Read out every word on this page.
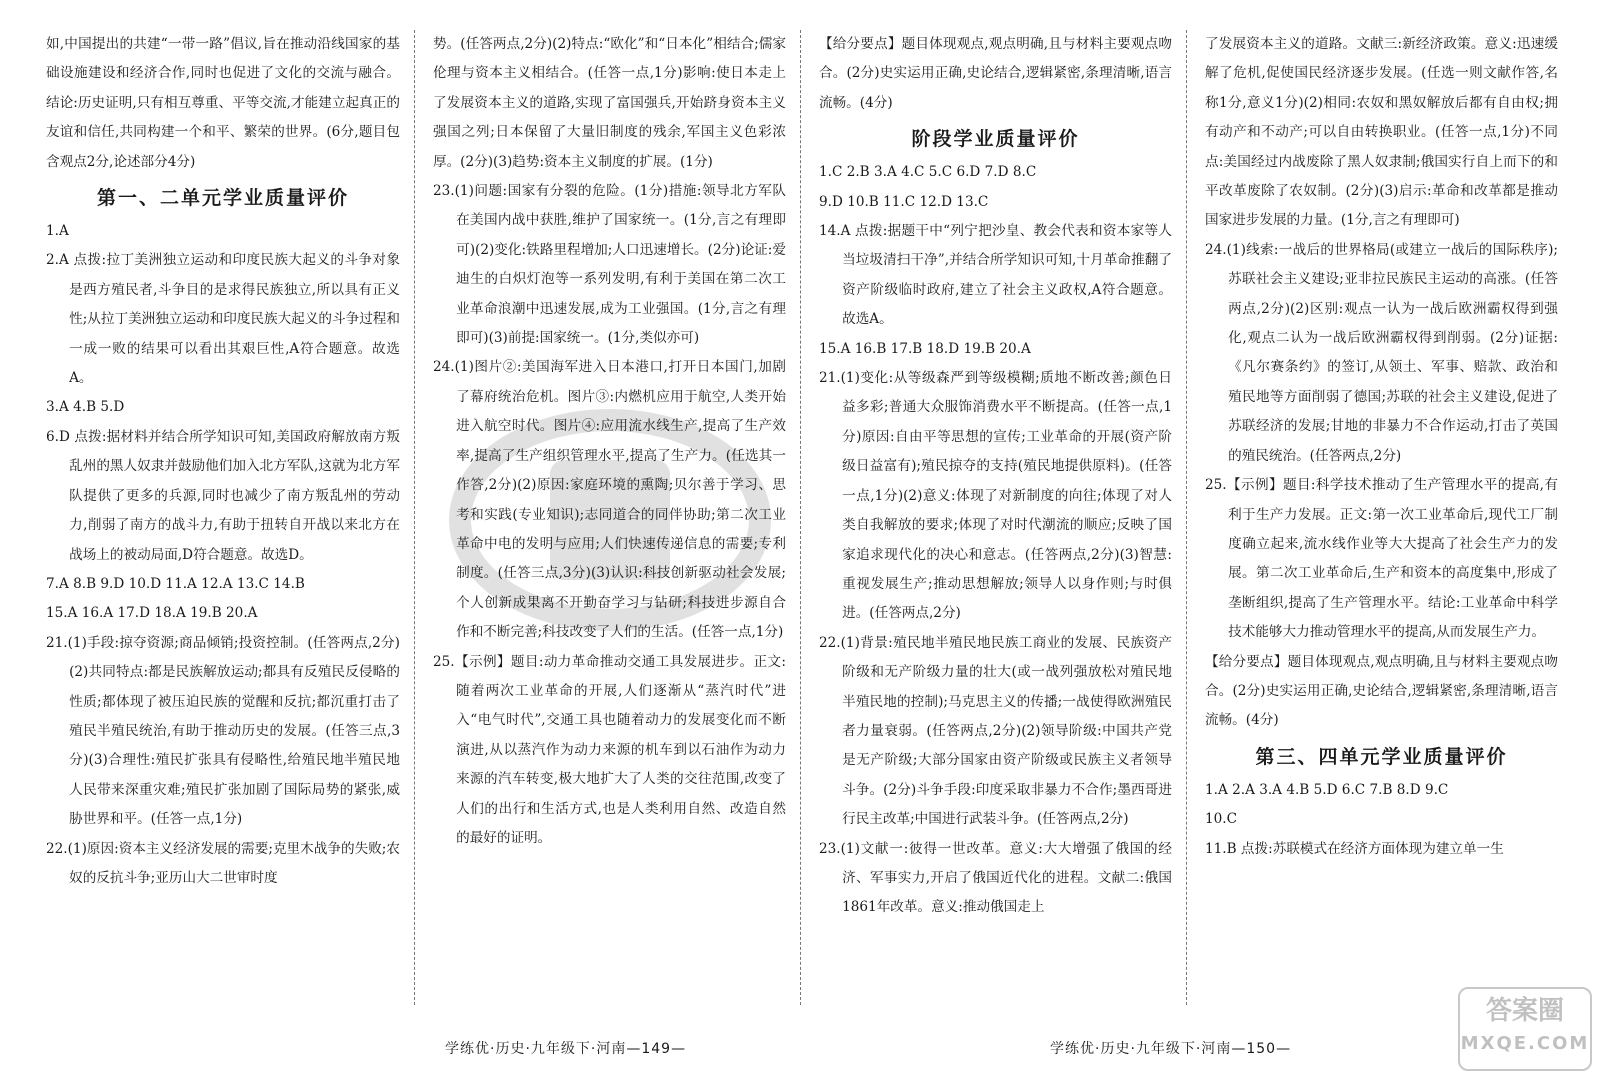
如,中国提出的共建“一带一路”倡议,旨在推动沿线国家的基础设施建设和经济合作,同时也促进了文化的交流与融合。结论:历史证明,只有相互尊重、平等交流,才能建立起真正的友谊和信任,共同构建一个和平、繁荣的世界。(6分,题目包含观点2分,论述部分4分)

第一、二单元学业质量评价

1.A

2.A 点拨:拉丁美洲独立运动和印度民族大起义的斗争对象是西方殖民者,斗争目的是求得民族独立,所以具有正义性;从拉丁美洲独立运动和印度民族大起义的斗争过程和一成一败的结果可以看出其艰巨性,A符合题意。故选A。

3.A 4.B 5.D

6.D 点拨:据材料并结合所学知识可知,美国政府解放南方叛乱州的黑人奴隶并鼓励他们加入北方军队,这就为北方军队提供了更多的兵源,同时也减少了南方叛乱州的劳动力,削弱了南方的战斗力,有助于扭转自开战以来北方在战场上的被动局面,D符合题意。故选D。

7.A 8.B 9.D 10.D 11.A 12.A 13.C 14.B

15.A 16.A 17.D 18.A 19.B 20.A

21.(1)手段:掠夺资源;商品倾销;投资控制。(任答两点,2分)(2)共同特点:都是民族解放运动;都具有反殖民反侵略的性质;都体现了被压迫民族的觉醒和反抗;都沉重打击了殖民半殖民统治,有助于推动历史的发展。(任答三点,3分)(3)合理性:殖民扩张具有侵略性,给殖民地半殖民地人民带来深重灾难;殖民扩张加剧了国际局势的紧张,威胁世界和平。(任答一点,1分)

22.(1)原因:资本主义经济发展的需要;克里木战争的失败;农奴的反抗斗争;亚历山大二世审时度

势。(任答两点,2分)(2)特点:“欧化”和“日本化”相结合;儒家伦理与资本主义相结合。(任答一点,1分)影响:使日本走上了发展资本主义的道路,实现了富国强兵,开始跻身资本主义强国之列;日本保留了大量旧制度的残余,军国主义色彩浓厚。(2分)(3)趋势:资本主义制度的扩展。(1分)

23.(1)问题:国家有分裂的危险。(1分)措施:领导北方军队在美国内战中获胜,维护了国家统一。(1分,言之有理即可)(2)变化:铁路里程增加;人口迅速增长。(2分)论证:爱迪生的白炽灯泡等一系列发明,有利于美国在第二次工业革命浪潮中迅速发展,成为工业强国。(1分,言之有理即可)(3)前提:国家统一。(1分,类似亦可)

24.(1)图片②:美国海军进入日本港口,打开日本国门,加剧了幕府统治危机。图片③:内燃机应用于航空,人类开始进入航空时代。图片④:应用流水线生产,提高了生产效率,提高了生产组织管理水平,提高了生产力。(任选其一作答,2分)(2)原因:家庭环境的熏陶;贝尔善于学习、思考和实践(专业知识);志同道合的同伴协助;第二次工业革命中电的发明与应用;人们快速传递信息的需要;专利制度。(任答三点,3分)(3)认识:科技创新驱动社会发展;个人创新成果离不开勤奋学习与钻研;科技进步源自合作和不断完善;科技改变了人们的生活。(任答一点,1分)

25.【示例】题目:动力革命推动交通工具发展进步。正文:随着两次工业革命的开展,人们逐渐从“蒸汽时代”进入“电气时代”,交通工具也随着动力的发展变化而不断演进,从以蒸汽作为动力来源的机车到以石油作为动力来源的汽车转变,极大地扩大了人类的交往范围,改变了人们的出行和生活方式,也是人类利用自然、改造自然的最好的证明。

【给分要点】题目体现观点,观点明确,且与材料主要观点吻合。(2分)史实运用正确,史论结合,逻辑紧密,条理清晰,语言流畅。(4分)

阶段学业质量评价

1.C 2.B 3.A 4.C 5.C 6.D 7.D 8.C

9.D 10.B 11.C 12.D 13.C

14.A 点拨:据题干中“列宁把沙皇、教会代表和资本家等人当垃圾清扫干净”,并结合所学知识可知,十月革命推翻了资产阶级临时政府,建立了社会主义政权,A符合题意。故选A。

15.A 16.B 17.B 18.D 19.B 20.A

21.(1)变化:从等级森严到等级模糊;质地不断改善;颜色日益多彩;普通大众服饰消费水平不断提高。(任答一点,1分)原因:自由平等思想的宣传;工业革命的开展(资产阶级日益富有);殖民掠夺的支持(殖民地提供原料)。(任答一点,1分)(2)意义:体现了对新制度的向往;体现了对人类自我解放的要求;体现了对时代潮流的顺应;反映了国家追求现代化的决心和意志。(任答两点,2分)(3)智慧:重视发展生产;推动思想解放;领导人以身作则;与时俱进。(任答两点,2分)

22.(1)背景:殖民地半殖民地民族工商业的发展、民族资产阶级和无产阶级力量的壮大(或一战列强放松对殖民地半殖民地的控制);马克思主义的传播;一战使得欧洲殖民者力量衰弱。(任答两点,2分)(2)领导阶级:中国共产党是无产阶级;大部分国家由资产阶级或民族主义者领导斗争。(2分)斗争手段:印度采取非暴力不合作;墨西哥进行民主改革;中国进行武装斗争。(任答两点,2分)

23.(1)文献一:彼得一世改革。意义:大大增强了俄国的经济、军事实力,开启了俄国近代化的进程。文献二:俄国1861年改革。意义:推动俄国走上

了发展资本主义的道路。文献三:新经济政策。意义:迅速缓解了危机,促使国民经济逐步发展。(任选一则文献作答,名称1分,意义1分)(2)相同:农奴和黑奴解放后都有自由权;拥有动产和不动产;可以自由转换职业。(任答一点,1分)不同点:美国经过内战废除了黑人奴隶制;俄国实行自上而下的和平改革废除了农奴制。(2分)(3)启示:革命和改革都是推动国家进步发展的力量。(1分,言之有理即可)

24.(1)线索:一战后的世界格局(或建立一战后的国际秩序);苏联社会主义建设;亚非拉民族民主运动的高涨。(任答两点,2分)(2)区别:观点一认为一战后欧洲霸权得到强化,观点二认为一战后欧洲霸权得到削弱。(2分)证据:《凡尔赛条约》的签订,从领土、军事、赔款、政治和殖民地等方面削弱了德国;苏联的社会主义建设,促进了苏联经济的发展;甘地的非暴力不合作运动,打击了英国的殖民统治。(任答两点,2分)

25.【示例】题目:科学技术推动了生产管理水平的提高,有利于生产力发展。正文:第一次工业革命后,现代工厂制度确立起来,流水线作业等大大提高了社会生产力的发展。第二次工业革命后,生产和资本的高度集中,形成了垄断组织,提高了生产管理水平。结论:工业革命中科学技术能够大力推动管理水平的提高,从而发展生产力。

【给分要点】题目体现观点,观点明确,且与材料主要观点吻合。(2分)史实运用正确,史论结合,逻辑紧密,条理清晰,语言流畅。(4分)

第三、四单元学业质量评价

1.A 2.A 3.A 4.B 5.D 6.C 7.B 8.D 9.C

10.C

11.B 点拨:苏联模式在经济方面体现为建立单一生

学练优·历史·九年级下·河南—149—	学练优·历史·九年级下·河南—150—
答案圈
MXQE.COM
